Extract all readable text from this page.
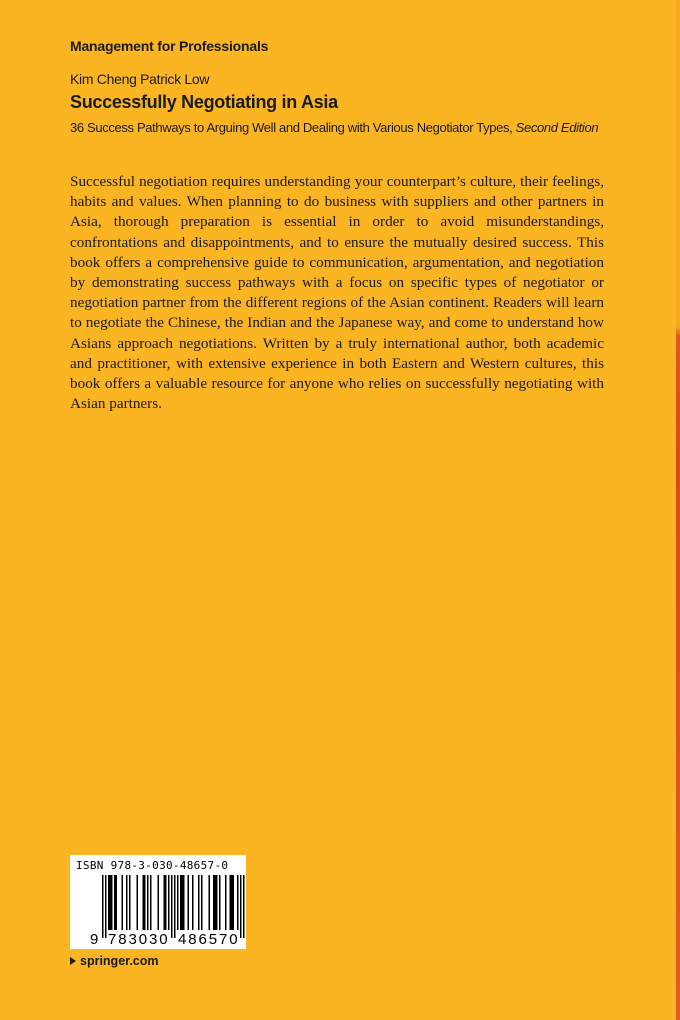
Management for Professionals
Kim Cheng Patrick Low
Successfully Negotiating in Asia
36 Success Pathways to Arguing Well and Dealing with Various Negotiator Types, Second Edition

Successful negotiation requires understanding your counterpart’s culture, their feelings, habits and values. When planning to do business with suppliers and other partners in Asia, thorough preparation is essential in order to avoid misunderstandings, confrontations and disappointments, and to ensure the mutually desired success. This book offers a comprehensive guide to communication, argumentation, and negotiation by demonstrating success pathways with a focus on specific types of negotiator or negotiation partner from the different regions of the Asian continent. Readers will learn to negotiate the Chinese, the Indian and the Japanese way, and come to understand how Asians approach negotiations. Written by a truly international author, both academic and practitioner, with extensive experience in both Eastern and Western cultures, this book offers a valuable resource for anyone who relies on successfully negotiating with Asian partners.

ISBN 978-3-030-48657-0
9 783030 486570
springer.com
